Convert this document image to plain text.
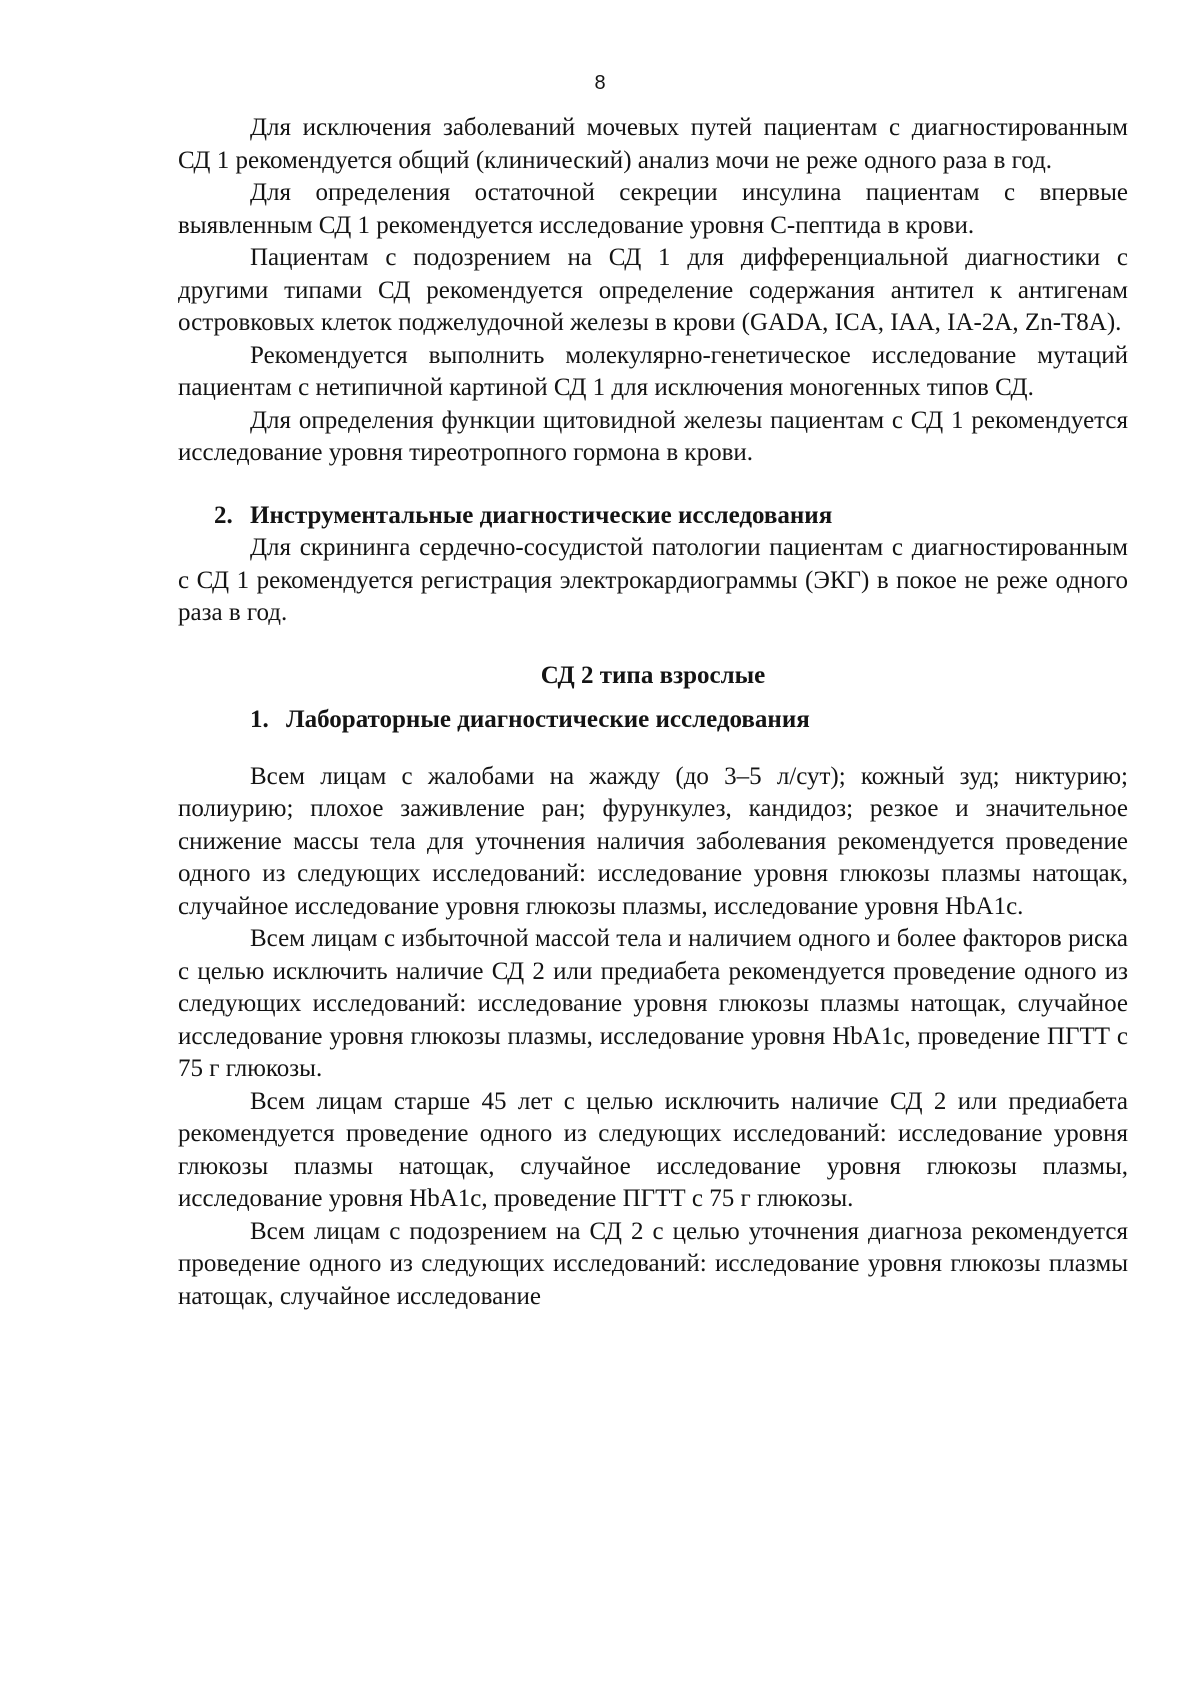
8

Для исключения заболеваний мочевых путей пациентам с диагностированным СД 1 рекомендуется общий (клинический) анализ мочи не реже одного раза в год.

Для определения остаточной секреции инсулина пациентам с впервые выявленным СД 1 рекомендуется исследование уровня С-пептида в крови.

Пациентам с подозрением на СД 1 для дифференциальной диагностики с другими типами СД рекомендуется определение содержания антител к антигенам островковых клеток поджелудочной железы в крови (GADA, ICA, IAA, IA-2A, Zn-T8A).

Рекомендуется выполнить молекулярно-генетическое исследование мутаций пациентам с нетипичной картиной СД 1 для исключения моногенных типов СД.

Для определения функции щитовидной железы пациентам с СД 1 рекомендуется исследование уровня тиреотропного гормона в крови.

2. Инструментальные диагностические исследования

Для скрининга сердечно-сосудистой патологии пациентам с диагностированным с СД 1 рекомендуется регистрация электрокардиограммы (ЭКГ) в покое не реже одного раза в год.

СД 2 типа взрослые
1. Лабораторные диагностические исследования

Всем лицам с жалобами на жажду (до 3–5 л/сут); кожный зуд; никтурию; полиурию; плохое заживление ран; фурункулез, кандидоз; резкое и значительное снижение массы тела для уточнения наличия заболевания рекомендуется проведение одного из следующих исследований: исследование уровня глюкозы плазмы натощак, случайное исследование уровня глюкозы плазмы, исследование уровня HbA1c.

Всем лицам с избыточной массой тела и наличием одного и более факторов риска с целью исключить наличие СД 2 или предиабета рекомендуется проведение одного из следующих исследований: исследование уровня глюкозы плазмы натощак, случайное исследование уровня глюкозы плазмы, исследование уровня HbA1c, проведение ПГТТ с 75 г глюкозы.

Всем лицам старше 45 лет с целью исключить наличие СД 2 или предиабета рекомендуется проведение одного из следующих исследований: исследование уровня глюкозы плазмы натощак, случайное исследование уровня глюкозы плазмы, исследование уровня HbA1c, проведение ПГТТ с 75 г глюкозы.

Всем лицам с подозрением на СД 2 с целью уточнения диагноза рекомендуется проведение одного из следующих исследований: исследование уровня глюкозы плазмы натощак, случайное исследование
